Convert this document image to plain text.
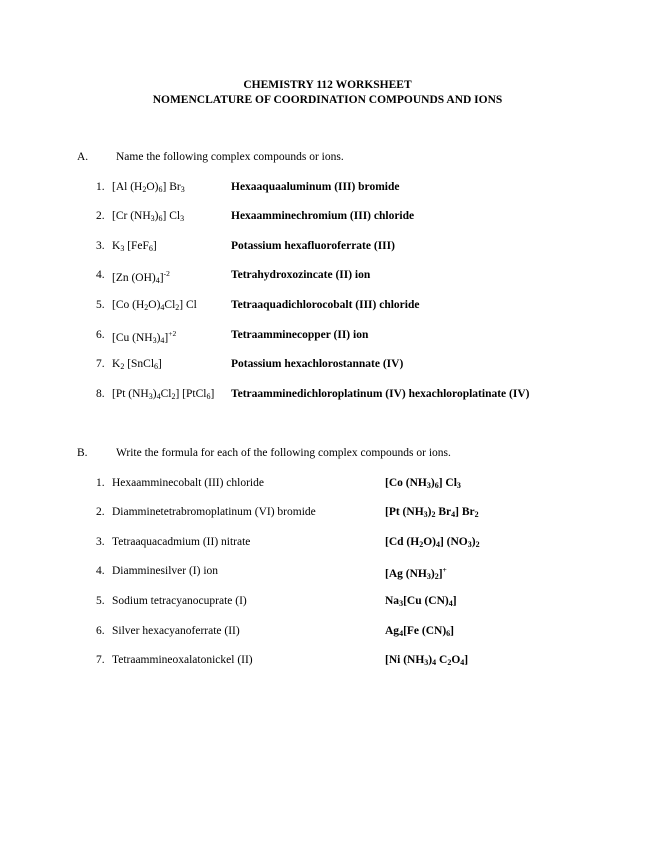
CHEMISTRY 112 WORKSHEET
NOMENCLATURE OF COORDINATION COMPOUNDS AND IONS
A. Name the following complex compounds or ions.
1. [Al $(H_2O)_6$] $Br_3$	Hexaaquaaluminum (III) bromide
2. [Cr $(NH_3)_6$] $Cl_3$	Hexaamminechromium (III) chloride
3. $K_3$ [FeF$_6$]	Potassium hexafluoroferrate (III)
4. [Zn $(OH)_4]^{-2}$	Tetrahydroxozincate (II) ion
5. [Co $(H_2O)_4Cl_2$] Cl	Tetraaquadichlorocobalt (III) chloride
6. [Cu $(NH_3)_4]^{+2}$	Tetraamminecopper (II) ion
7. $K_2$ [SnCl$_6$]	Potassium hexachlorostannate (IV)
8. [Pt $(NH_3)_4Cl_2$] [PtCl$_6$] Tetraamminedichloroplatinum (IV) hexachloroplatinate (IV)
B. Write the formula for each of the following complex compounds or ions.
1. Hexaamminecobalt (III) chloride	[Co $(NH_3)_6$] $Cl_3$
2. Diamminetetrabromoplatinum (VI) bromide	[Pt $(NH_3)_2$ $Br_4$] $Br_2$
3. Tetraaquacadmium (II) nitrate	[Cd $(H_2O)_4$] $(NO_3)_2$
4. Diamminesilver (I) ion	[Ag $(NH_3)_2]^+$
5. Sodium tetracyanocuprate (I)	$Na_3[Cu$ $(CN)_4$]
6. Silver hexacyanoferrate (II)	$Ag_4[Fe$ $(CN)_6$]
7. Tetraammineoxalatonickel (II)	[Ni $(NH_3)_4$ $C_2O_4$]
